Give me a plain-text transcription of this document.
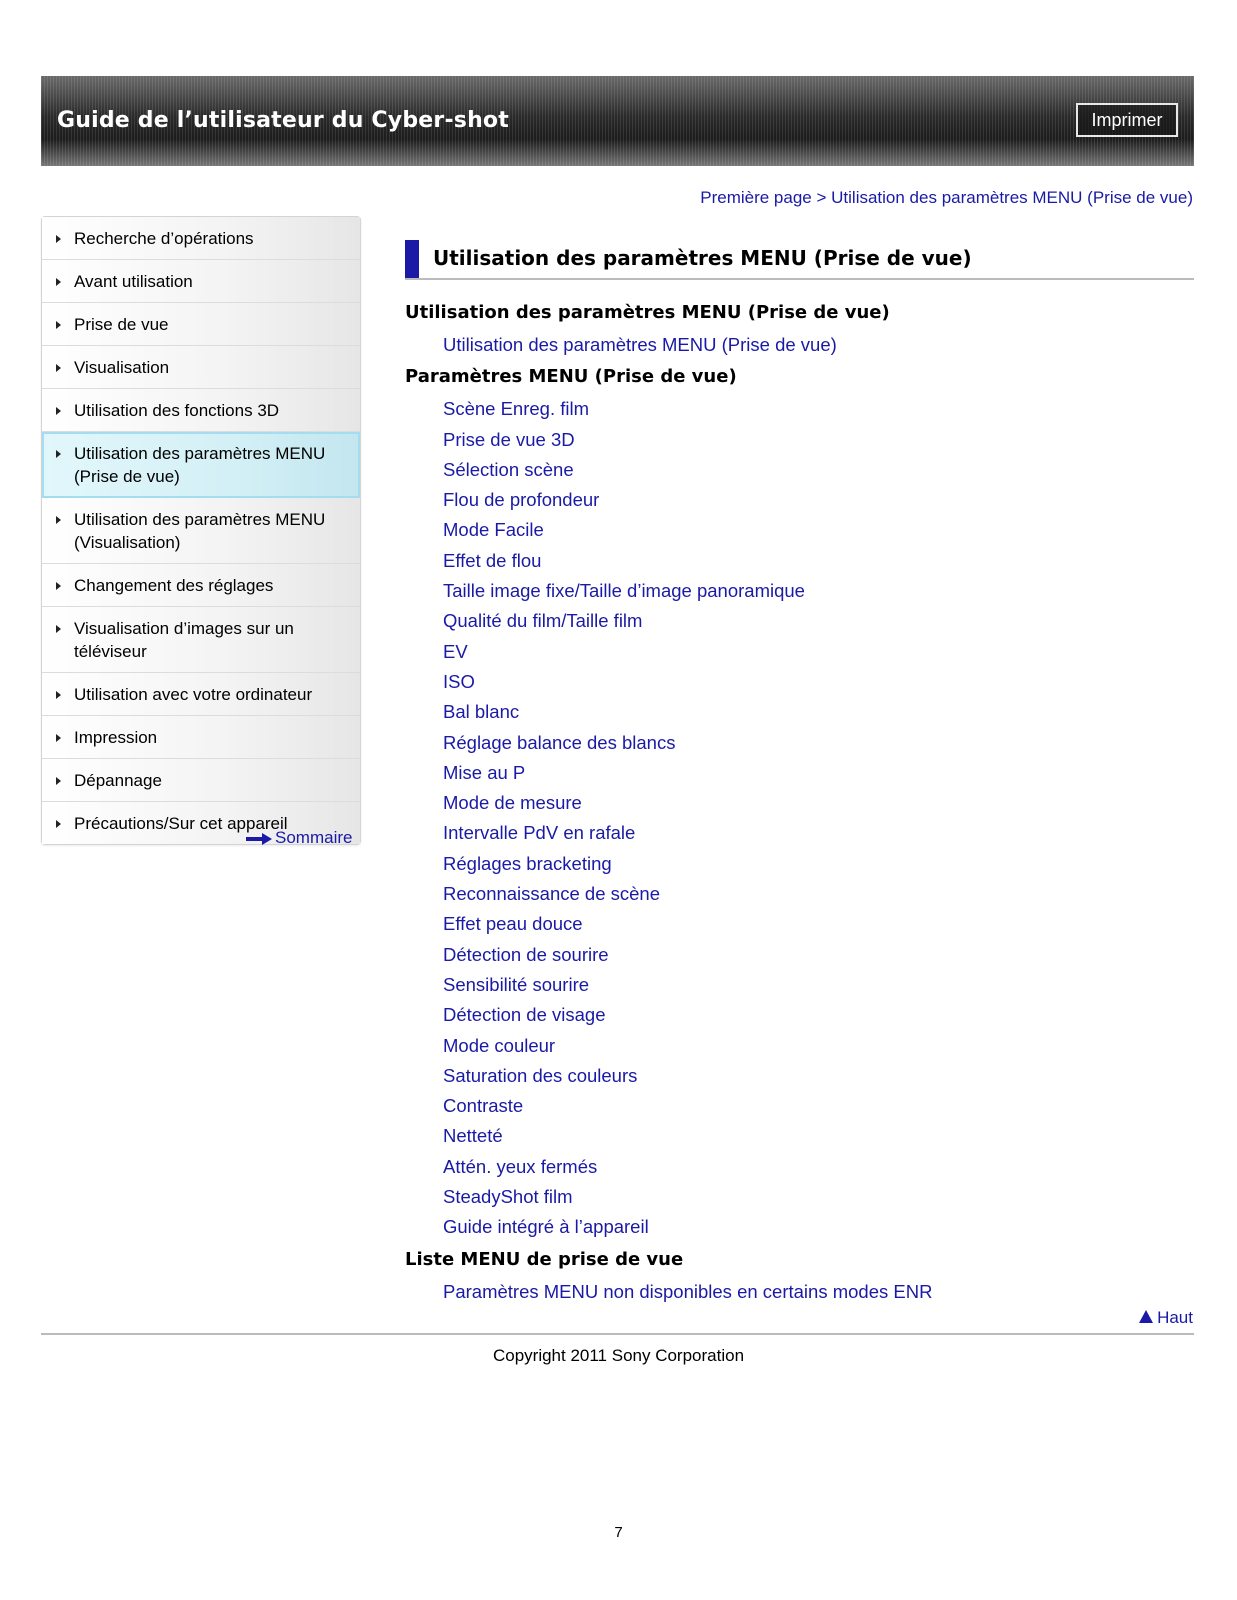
Guide de l’utilisateur du Cyber-shot	Imprimer
Première page > Utilisation des paramètres MENU (Prise de vue)
Recherche d’opérations
Avant utilisation
Prise de vue
Visualisation
Utilisation des fonctions 3D
Utilisation des paramètres MENU (Prise de vue)
Utilisation des paramètres MENU (Visualisation)
Changement des réglages
Visualisation d’images sur un téléviseur
Utilisation avec votre ordinateur
Impression
Dépannage
Précautions/Sur cet appareil
Sommaire
Utilisation des paramètres MENU (Prise de vue)
Utilisation des paramètres MENU (Prise de vue)
Utilisation des paramètres MENU (Prise de vue)
Paramètres MENU (Prise de vue)
Scène Enreg. film
Prise de vue 3D
Sélection scène
Flou de profondeur
Mode Facile
Effet de flou
Taille image fixe/Taille d’image panoramique
Qualité du film/Taille film
EV
ISO
Bal blanc
Réglage balance des blancs
Mise au P
Mode de mesure
Intervalle PdV en rafale
Réglages bracketing
Reconnaissance de scène
Effet peau douce
Détection de sourire
Sensibilité sourire
Détection de visage
Mode couleur
Saturation des couleurs
Contraste
Netteté
Attén. yeux fermés
SteadyShot film
Guide intégré à l’appareil
Liste MENU de prise de vue
Paramètres MENU non disponibles en certains modes ENR
Haut
Copyright 2011 Sony Corporation
7
